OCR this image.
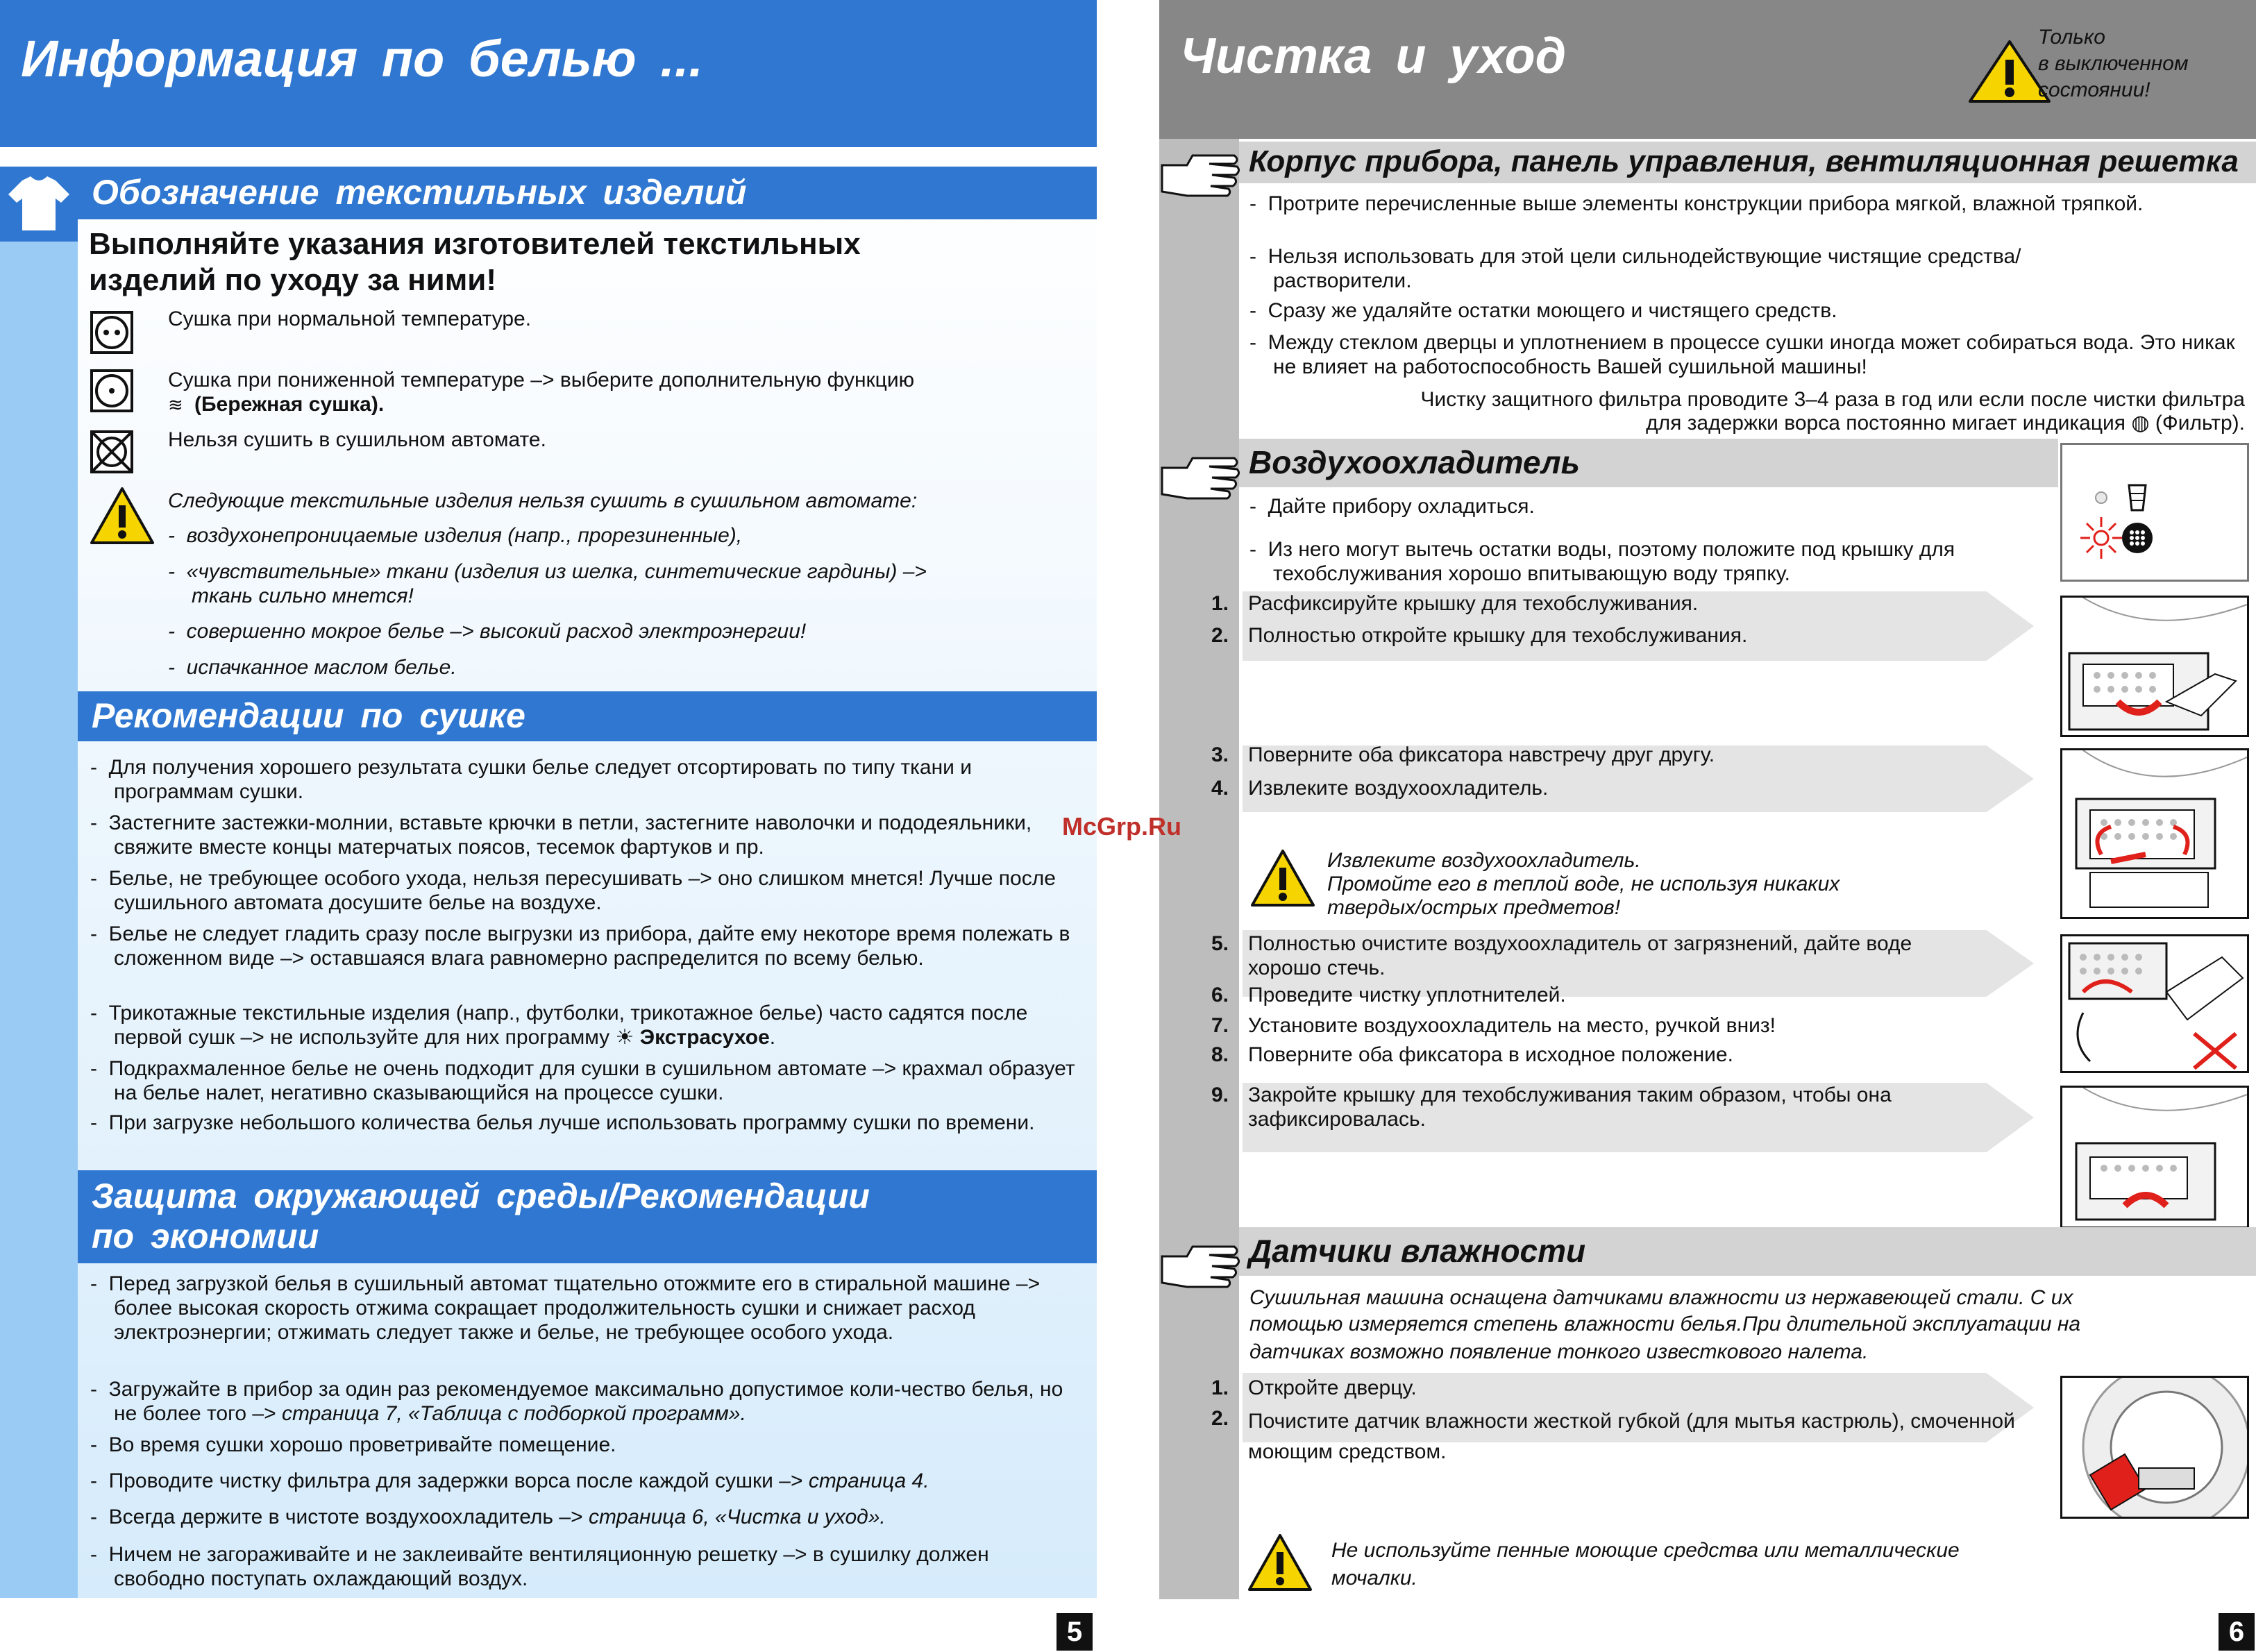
Информация по белью ...
Обозначение текстильных изделий
Выполняйте указания изготовителей текстильных
изделий по уходу за ними!
Сушка при нормальной температуре.
Сушка при пониженной температуре –> выберите дополнительную функцию
≋ (Бережная сушка).
Нельзя сушить в сушильном автомате.
Следующие текстильные изделия нельзя сушить в сушильном автомате:
-  воздухонепроницаемые изделия (напр., прорезиненные),
-  «чувствительные» ткани (изделия из шелка, синтетические гардины) –> ткань сильно мнется!
-  совершенно мокрое белье –> высокий расход электроэнергии!
-  испачканное маслом белье.
Рекомендации по сушке
-  Для получения хорошего результата сушки белье следует отсортировать по типу ткани и программам сушки.
-  Застегните застежки-молнии, вставьте крючки в петли, застегните наволочки и пододеяльники, свяжите вместе концы матерчатых поясов, тесемок фартуков и пр.
-  Белье, не требующее особого ухода, нельзя пересушивать –> оно слишком мнется! Лучше после сушильного автомата досушите белье на воздухе.
-  Белье не следует гладить сразу после выгрузки из прибора, дайте ему некоторе время полежать в сложенном виде –> оставшаяся влага равномерно распределится по всему белью.
-  Трикотажные текстильные изделия (напр., футболки, трикотажное белье) часто садятся после первой сушк –> не используйте для них программу ☀ Экстрасухое.
-  Подкрахмаленное белье не очень подходит для сушки в сушильном автомате –> крахмал образует на белье налет, негативно сказывающийся на процессе сушки.
-  При загрузке небольшого количества белья лучше использовать программу сушки по времени.
Защита окружающей среды/Рекомендации
по экономии
-  Перед загрузкой белья в сушильный автомат тщательно отожмите его в стиральной машине –> более высокая скорость отжима сокращает продолжительность сушки и снижает расход электроэнергии; отжимать следует также и белье, не требующее особого ухода.
-  Загружайте в прибор за один раз рекомендуемое максимально допустимое коли-чество белья, но не более того –> страница 7, «Таблица с подборкой программ».
-  Во время сушки хорошо проветривайте помещение.
-  Проводите чистку фильтра для задержки ворса после каждой сушки –> страница 4.
-  Всегда держите в чистоте воздухоохладитель –> страница 6, «Чистка и уход».
-  Ничем не загораживайте и не заклеивайте вентиляционную решетку –> в сушилку должен свободно поступать охлаждающий воздух.
5
Чистка и уход	Только
в выключенном
состоянии!
Корпус прибора, панель управления, вентиляционная решетка
-  Протрите перечисленные выше элементы конструкции прибора мягкой, влажной тряпкой.
-  Нельзя использовать для этой цели сильнодействующие чистящие средства/растворители.
-  Сразу же удаляйте остатки моющего и чистящего средств.
-  Между стеклом дверцы и уплотнением в процессе сушки иногда может собираться вода. Это никак не влияет на работоспособность Вашей сушильной машины!
Чистку защитного фильтра проводите 3–4 раза в год или если после чистки фильтра
для задержки ворса постоянно мигает индикация ◍ (Фильтр).
Воздухоохладитель
-  Дайте прибору охладиться.
-  Из него могут вытечь остатки воды, поэтому положите под крышку для техобслуживания хорошо впитывающую воду тряпку.
1. Расфиксируйте крышку для техобслуживания.
2. Полностью откройте крышку для техобслуживания.
3. Поверните оба фиксатора навстречу друг другу.
4. Извлеките воздухоохладитель.
Извлеките воздухоохладитель.
Промойте его в теплой воде, не используя никаких
твердых/острых предметов!
5. Полностью очистите воздухоохладитель от загрязнений, дайте воде хорошо стечь.
6. Проведите чистку уплотнителей.
7. Установите воздухоохладитель на место, ручкой вниз!
8. Поверните оба фиксатора в исходное положение.
9. Закройте крышку для техобслуживания таким образом, чтобы она зафиксировалась.
Датчики влажности
Сушильная машина оснащена датчиками влажности из нержавеющей стали. С их
помощью измеряется степень влажности белья.При длительной эксплуатации на
датчиках возможно появление тонкого известкового налета.
1. Откройте дверцу.
2. Почистите датчик влажности жесткой губкой (для мытья кастрюль), смоченной моющим средством.
Не используйте пенные моющие средства или металлические
мочалки.
6
McGrp.Ru
